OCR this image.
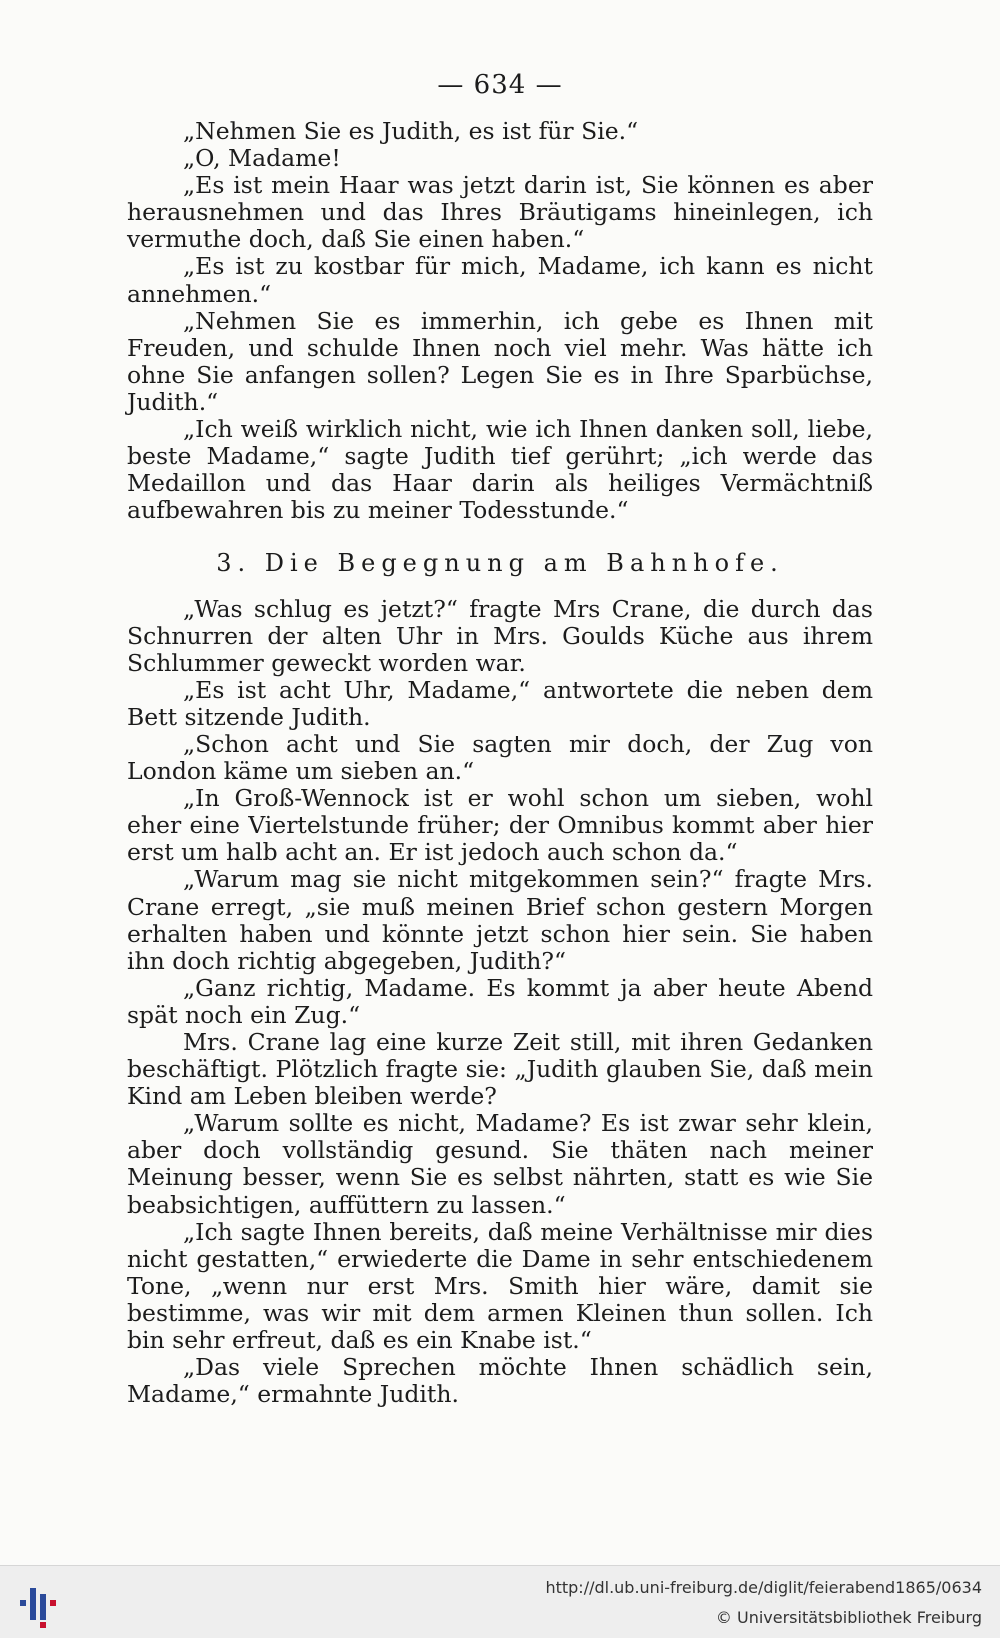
— 634 —

„Nehmen Sie es Judith, es ist für Sie.“

„O, Madame!

„Es ist mein Haar was jetzt darin ist, Sie können es aber herausnehmen und das Ihres Bräutigams hineinlegen, ich vermuthe doch, daß Sie einen haben.“

„Es ist zu kostbar für mich, Madame, ich kann es nicht annehmen.“

„Nehmen Sie es immerhin, ich gebe es Ihnen mit Freuden, und schulde Ihnen noch viel mehr. Was hätte ich ohne Sie anfangen sollen? Legen Sie es in Ihre Sparbüchse, Judith.“

„Ich weiß wirklich nicht, wie ich Ihnen danken soll, liebe, beste Madame,“ sagte Judith tief gerührt; „ich werde das Medaillon und das Haar darin als heiliges Vermächtniß aufbewahren bis zu meiner Todesstunde.“

3. Die Begegnung am Bahnhofe.

„Was schlug es jetzt?“ fragte Mrs Crane, die durch das Schnurren der alten Uhr in Mrs. Goulds Küche aus ihrem Schlummer geweckt worden war.

„Es ist acht Uhr, Madame,“ antwortete die neben dem Bett sitzende Judith.

„Schon acht und Sie sagten mir doch, der Zug von London käme um sieben an.“

„In Groß-Wennock ist er wohl schon um sieben, wohl eher eine Viertelstunde früher; der Omnibus kommt aber hier erst um halb acht an. Er ist jedoch auch schon da.“

„Warum mag sie nicht mitgekommen sein?“ fragte Mrs. Crane erregt, „sie muß meinen Brief schon gestern Morgen erhalten haben und könnte jetzt schon hier sein. Sie haben ihn doch richtig abgegeben, Judith?“

„Ganz richtig, Madame. Es kommt ja aber heute Abend spät noch ein Zug.“

Mrs. Crane lag eine kurze Zeit still, mit ihren Gedanken beschäftigt. Plötzlich fragte sie: „Judith glauben Sie, daß mein Kind am Leben bleiben werde?

„Warum sollte es nicht, Madame? Es ist zwar sehr klein, aber doch vollständig gesund. Sie thäten nach meiner Meinung besser, wenn Sie es selbst nährten, statt es wie Sie beabsichtigen, auffüttern zu lassen.“

„Ich sagte Ihnen bereits, daß meine Verhältnisse mir dies nicht gestatten,“ erwiederte die Dame in sehr entschiedenem Tone, „wenn nur erst Mrs. Smith hier wäre, damit sie bestimme, was wir mit dem armen Kleinen thun sollen. Ich bin sehr erfreut, daß es ein Knabe ist.“

„Das viele Sprechen möchte Ihnen schädlich sein, Madame,“ ermahnte Judith.

http://dl.ub.uni-freiburg.de/diglit/feierabend1865/0634
© Universitätsbibliothek Freiburg
